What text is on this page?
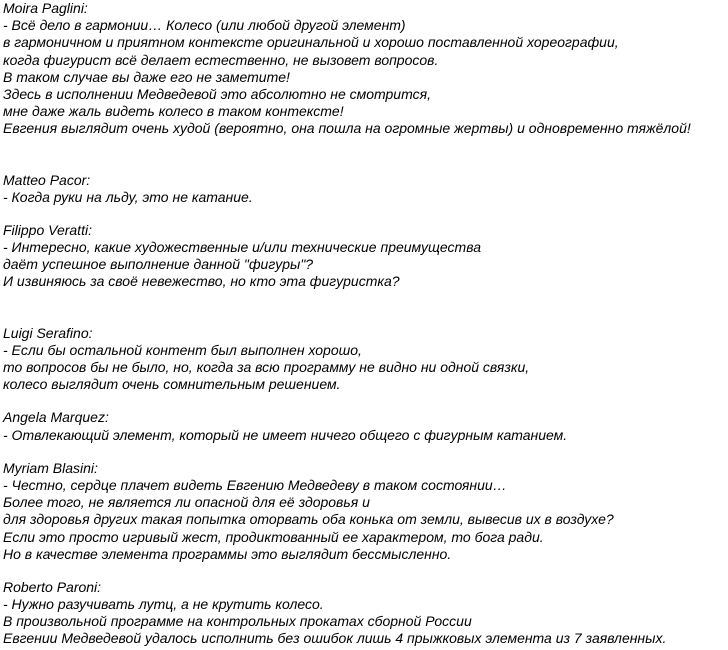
Moira Paglini:
- Всё дело в гармонии… Колесо (или любой другой элемент)
в гармоничном и приятном контексте оригинальной и хорошо поставленной хореографии,
когда фигурист всё делает естественно, не вызовет вопросов.
В таком случае вы даже его не заметите!
Здесь в исполнении Медведевой это абсолютно не смотрится,
мне даже жаль видеть колесо в таком контексте!
Евгения выглядит очень худой (вероятно, она пошла на огромные жертвы) и одновременно тяжёлой!
Matteo Pacor:
- Когда руки на льду, это не катание.
Filippo Veratti:
- Интересно, какие художественные и/или технические преимущества
даёт успешное выполнение данной "фигуры"?
И извиняюсь за своё невежество, но кто эта фигуристка?
Luigi Serafino:
- Если бы остальной контент был выполнен хорошо,
то вопросов бы не было, но, когда за всю программу не видно ни одной связки,
колесо выглядит очень сомнительным решением.
Angela Marquez:
- Отвлекающий элемент, который не имеет ничего общего с фигурным катанием.
Myriam Blasini:
- Честно, сердце плачет видеть Евгению Медведеву в таком состоянии…
Более того, не является ли опасной для её здоровья и
для здоровья других такая попытка оторвать оба конька от земли, вывесив их в воздухе?
Если это просто игривый жест, продиктованный ее характером, то бога ради.
Но в качестве элемента программы это выглядит бессмысленно.
Roberto Paroni:
- Нужно разучивать лутц, а не крутить колесо.
В произвольной программе на контрольных прокатах сборной России
Евгении Медведевой удалось исполнить без ошибок лишь 4 прыжковых элемента из 7 заявленных.
